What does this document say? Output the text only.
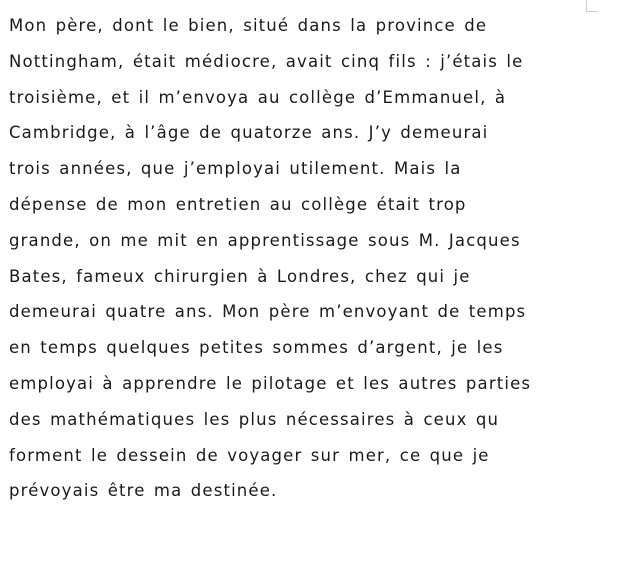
Mon père, dont le bien, situé dans la province de
Nottingham, était médiocre, avait cinq fils : j’étais le
troisième, et il m’envoya au collège d’Emmanuel, à
Cambridge, à l’âge de quatorze ans. J’y demeurai
trois années, que j’employai utilement. Mais la
dépense de mon entretien au collège était trop
grande, on me mit en apprentissage sous M. Jacques
Bates, fameux chirurgien à Londres, chez qui je
demeurai quatre ans. Mon père m’envoyant de temps
en temps quelques petites sommes d’argent, je les
employai à apprendre le pilotage et les autres parties
des mathématiques les plus nécessaires à ceux qu
forment le dessein de voyager sur mer, ce que je
prévoyais être ma destinée.
